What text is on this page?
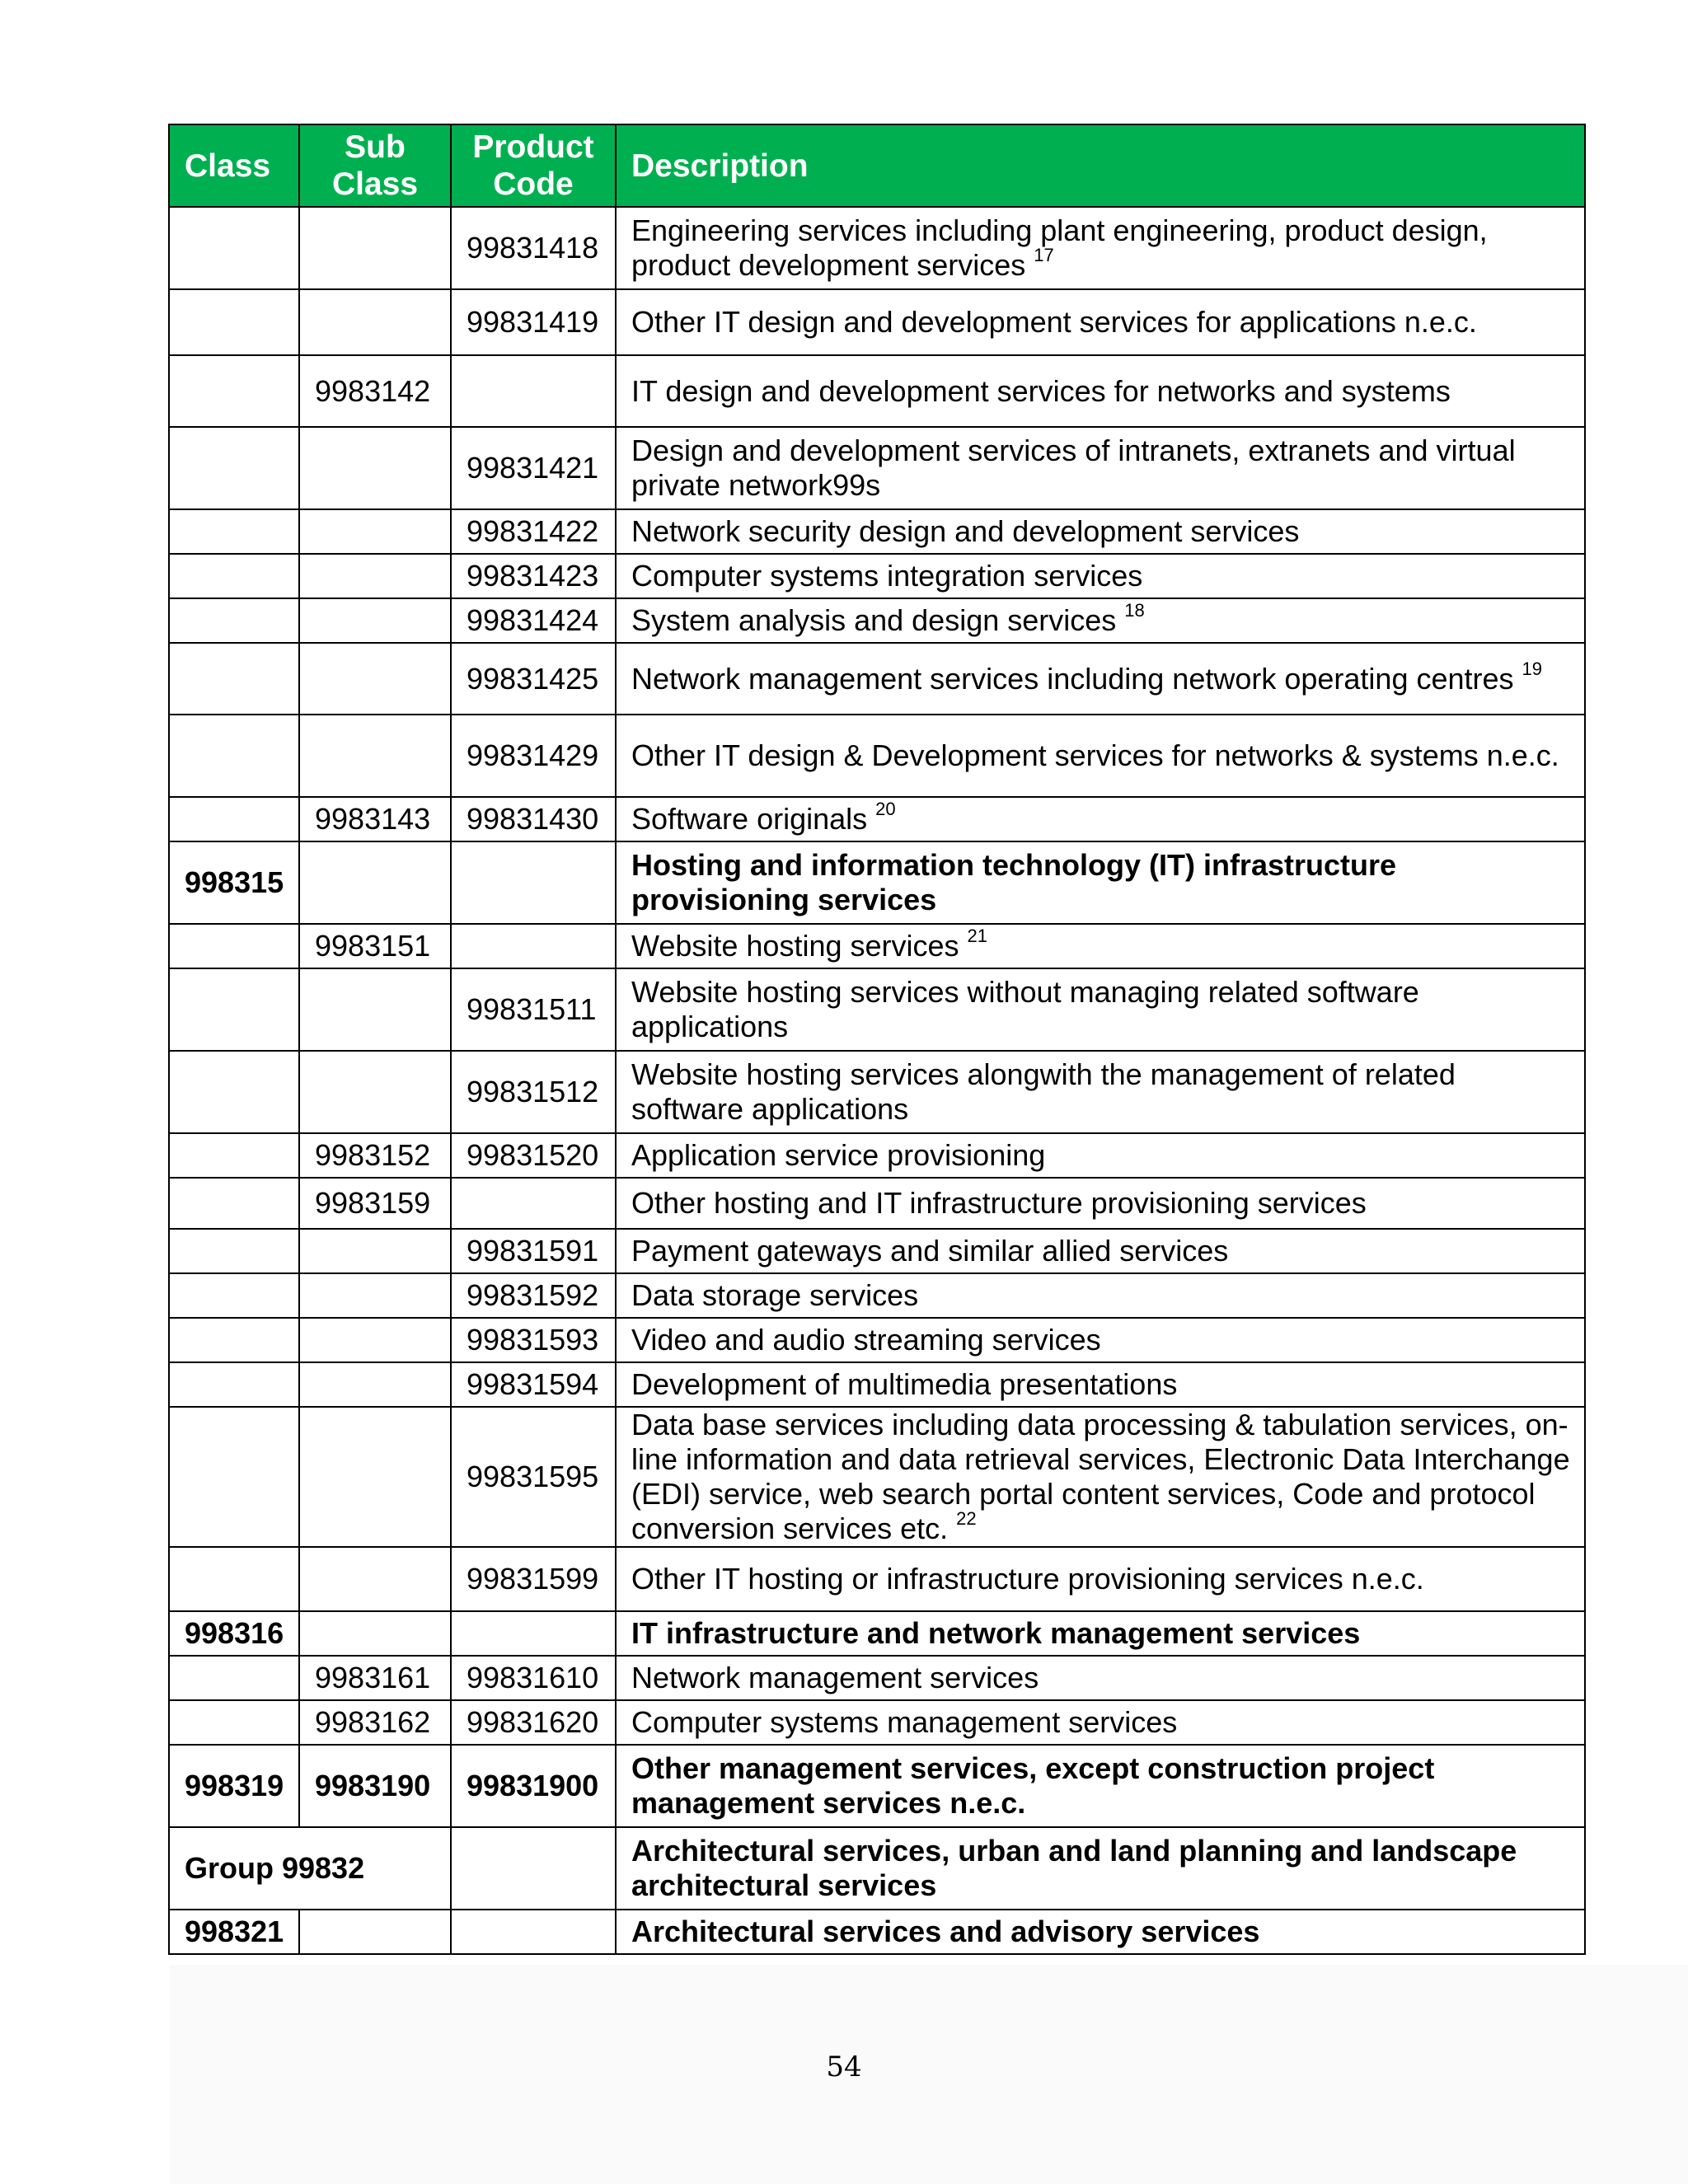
Class	Sub Class	Product Code	Description
		99831418	Engineering services including plant engineering, product design, product development services $^{17}$
		99831419	Other IT design and development services for applications n.e.c.
	9983142		IT design and development services for networks and systems
		99831421	Design and development services of intranets, extranets and virtual private network99s
		99831422	Network security design and development services
		99831423	Computer systems integration services
		99831424	System analysis and design services $^{18}$
		99831425	Network management services including network operating centres $^{19}$
		99831429	Other IT design & Development services for networks & systems n.e.c.
	9983143	99831430	Software originals $^{20}$
998315			Hosting and information technology (IT) infrastructure provisioning services
	9983151		Website hosting services $^{21}$
		99831511	Website hosting services without managing related software applications
		99831512	Website hosting services alongwith the management of related software applications
	9983152	99831520	Application service provisioning
	9983159		Other hosting and IT infrastructure provisioning services
		99831591	Payment gateways and similar allied services
		99831592	Data storage services
		99831593	Video and audio streaming services
		99831594	Development of multimedia presentations
		99831595	Data base services including data processing & tabulation services, on-line information and data retrieval services, Electronic Data Interchange (EDI) service, web search portal content services, Code and protocol conversion services etc. $^{22}$
		99831599	Other IT hosting or infrastructure provisioning services n.e.c.
998316			IT infrastructure and network management services
	9983161	99831610	Network management services
	9983162	99831620	Computer systems management services
998319	9983190	99831900	Other management services, except construction project management services n.e.c.
Group 99832			Architectural services, urban and land planning and landscape architectural services
998321			Architectural services and advisory services
54
